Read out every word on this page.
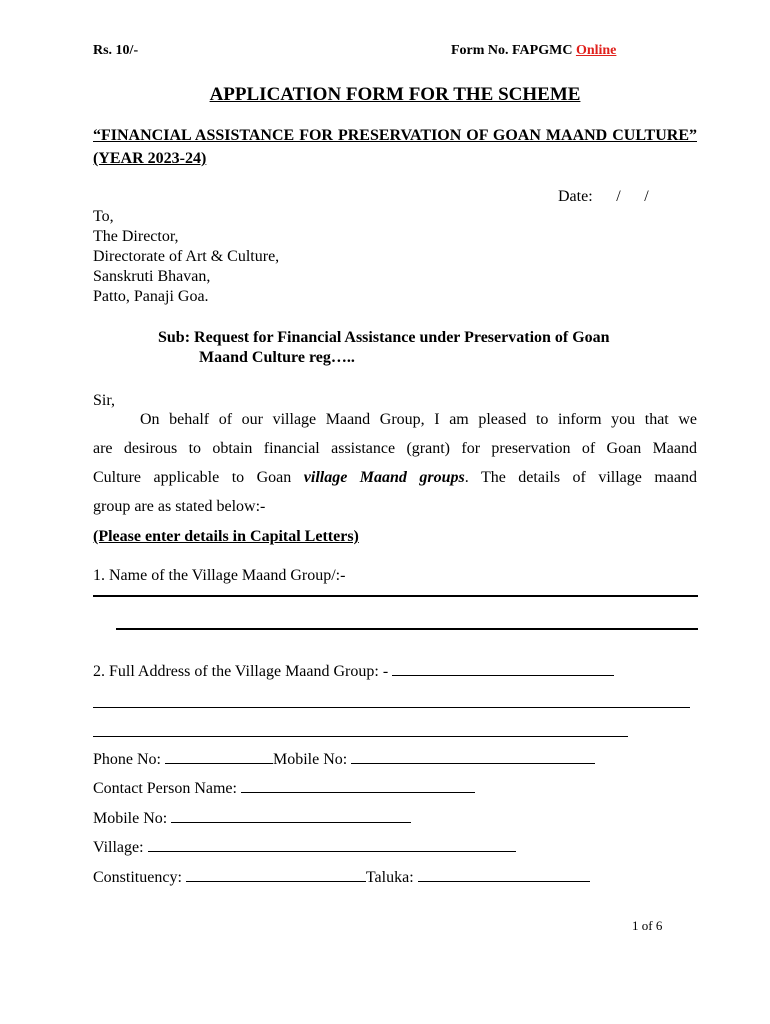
Rs. 10/-	Form No. FAPGMC Online
APPLICATION FORM FOR THE SCHEME
“FINANCIAL ASSISTANCE FOR PRESERVATION OF GOAN MAAND CULTURE” (YEAR 2023-24)
Date: / /
To,
The Director,
Directorate of Art & Culture,
Sanskruti Bhavan,
Patto, Panaji Goa.
Sub: Request for Financial Assistance under Preservation of Goan
Maand Culture reg…..
Sir,
On behalf of our village Maand Group, I am pleased to inform you that we
are desirous to obtain financial assistance (grant) for preservation of Goan Maand
Culture applicable to Goan village Maand groups. The details of village maand
group are as stated below:-
(Please enter details in Capital Letters)
1. Name of the Village Maand Group/:-
2. Full Address of the Village Maand Group: -
Phone No:	Mobile No:
Contact Person Name:
Mobile No:
Village:
Constituency:	Taluka:
1 of 6
